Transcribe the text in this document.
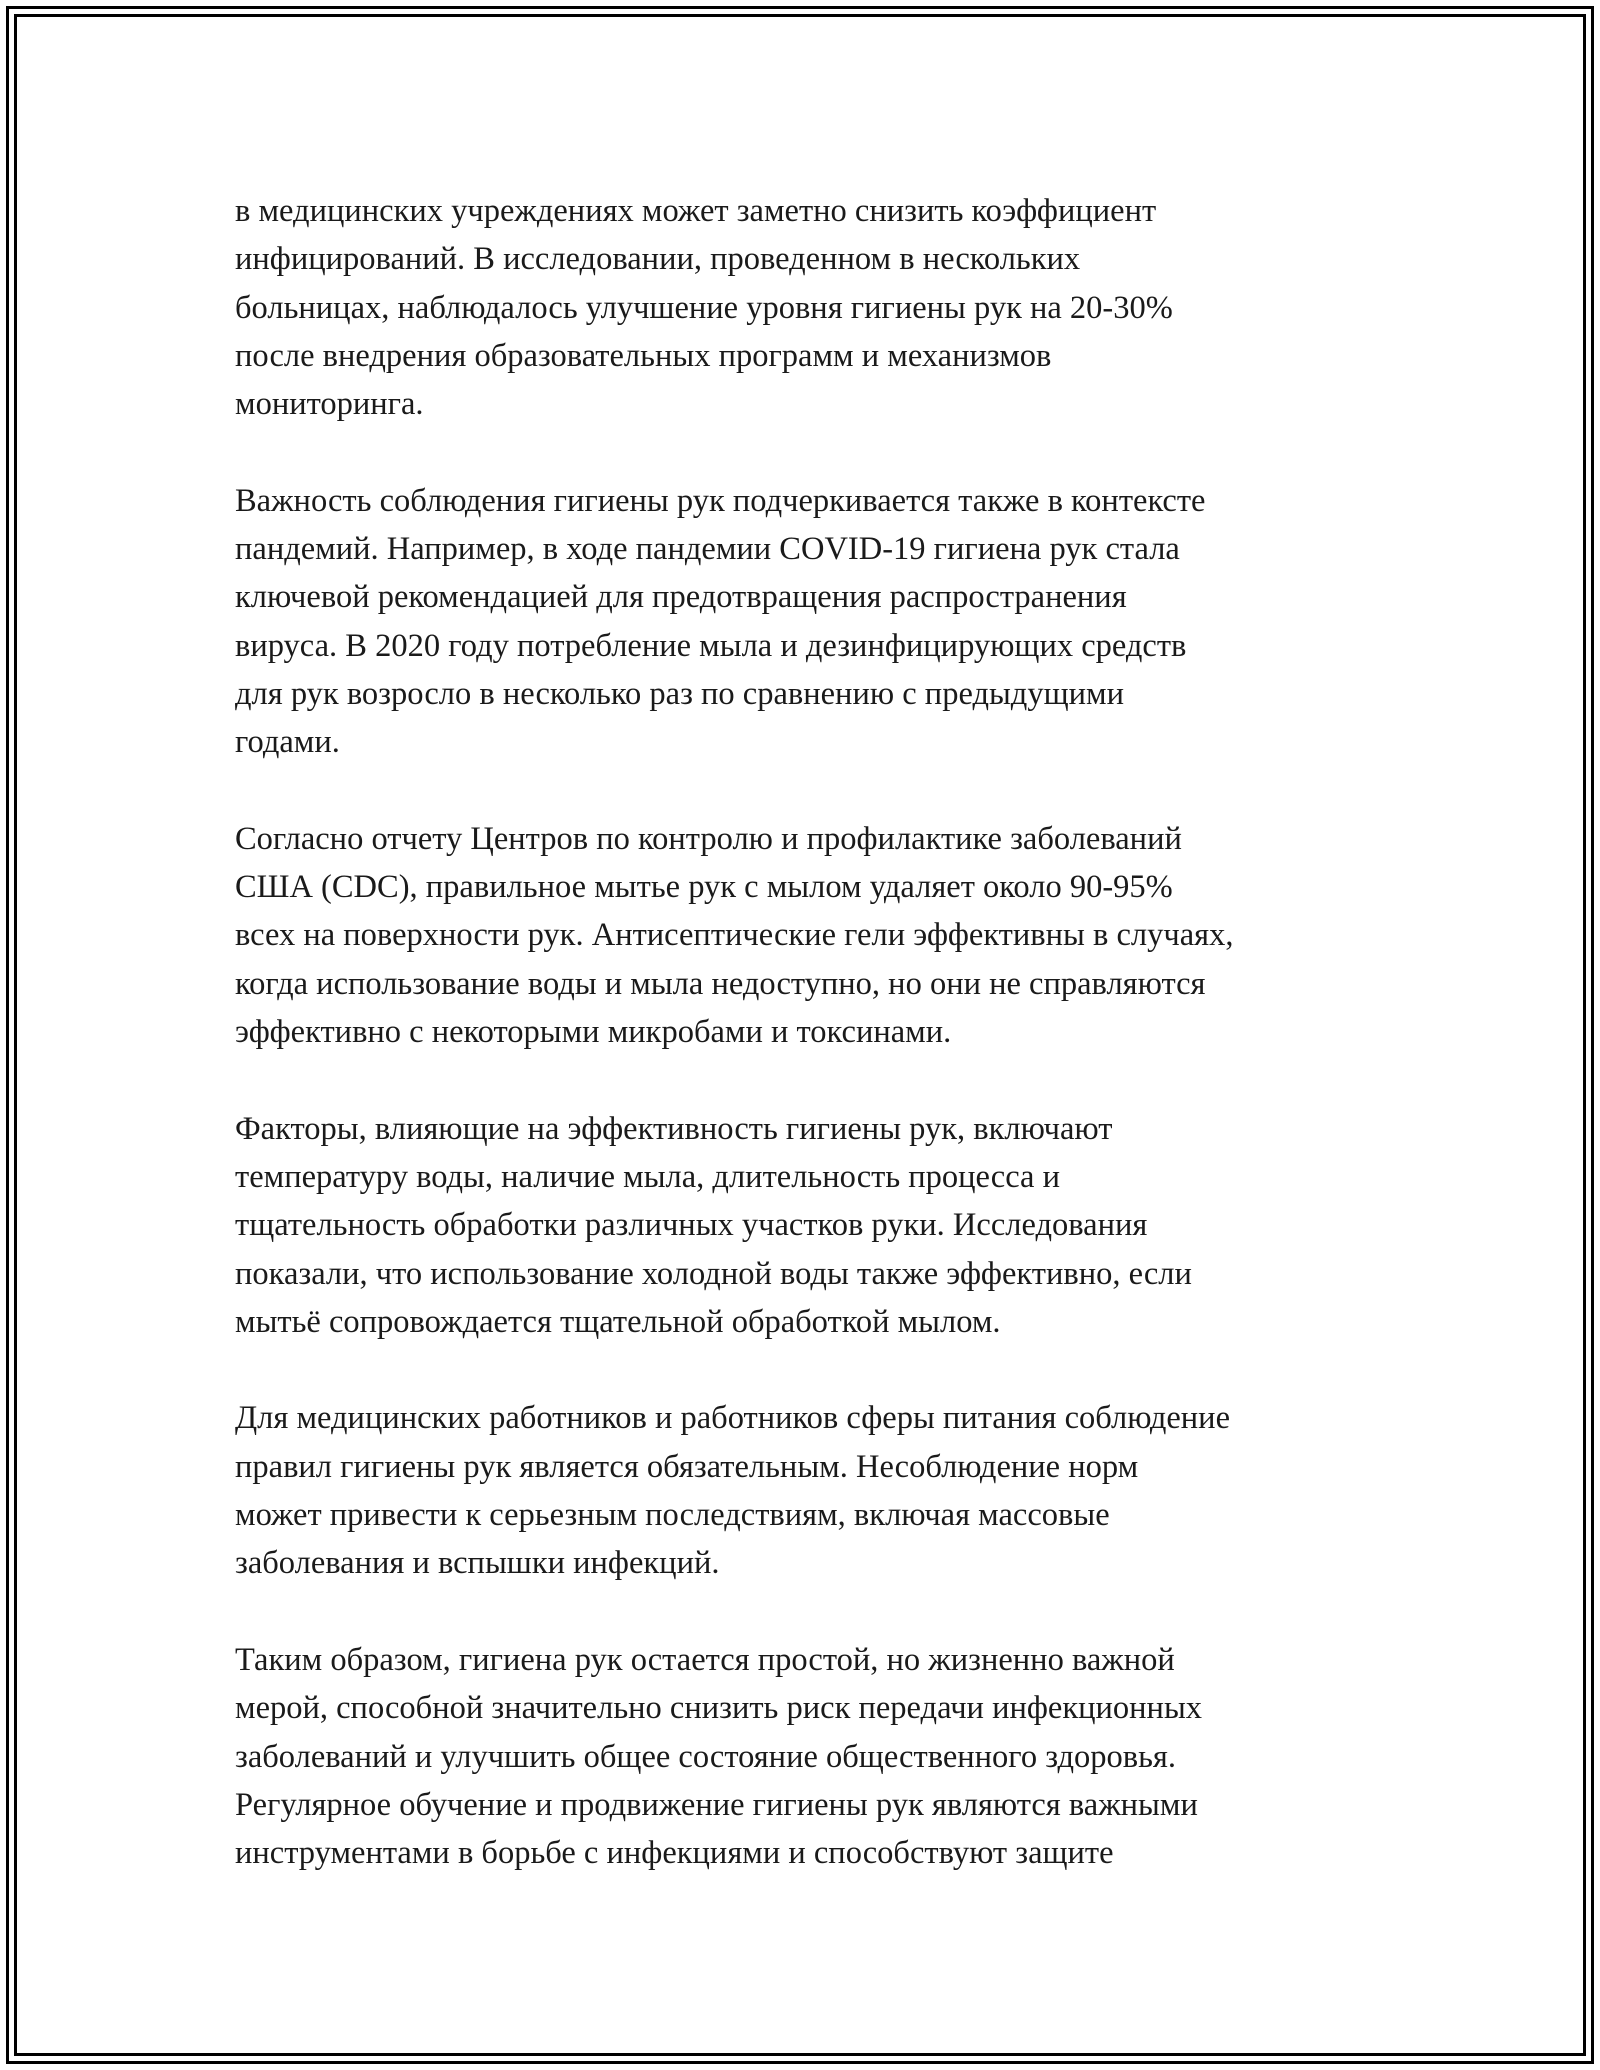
в медицинских учреждениях может заметно снизить коэффициент
инфицирований. В исследовании, проведенном в нескольких
больницах, наблюдалось улучшение уровня гигиены рук на 20-30%
после внедрения образовательных программ и механизмов
мониторинга.

Важность соблюдения гигиены рук подчеркивается также в контексте
пандемий. Например, в ходе пандемии COVID-19 гигиена рук стала
ключевой рекомендацией для предотвращения распространения
вируса. В 2020 году потребление мыла и дезинфицирующих средств
для рук возросло в несколько раз по сравнению с предыдущими
годами.

Согласно отчету Центров по контролю и профилактике заболеваний
США (CDC), правильное мытье рук с мылом удаляет около 90-95%
всех на поверхности рук. Антисептические гели эффективны в случаях,
когда использование воды и мыла недоступно, но они не справляются
эффективно с некоторыми микробами и токсинами.

Факторы, влияющие на эффективность гигиены рук, включают
температуру воды, наличие мыла, длительность процесса и
тщательность обработки различных участков руки. Исследования
показали, что использование холодной воды также эффективно, если
мытьё сопровождается тщательной обработкой мылом.

Для медицинских работников и работников сферы питания соблюдение
правил гигиены рук является обязательным. Несоблюдение норм
может привести к серьезным последствиям, включая массовые
заболевания и вспышки инфекций.

Таким образом, гигиена рук остается простой, но жизненно важной
мерой, способной значительно снизить риск передачи инфекционных
заболеваний и улучшить общее состояние общественного здоровья.
Регулярное обучение и продвижение гигиены рук являются важными
инструментами в борьбе с инфекциями и способствуют защите
